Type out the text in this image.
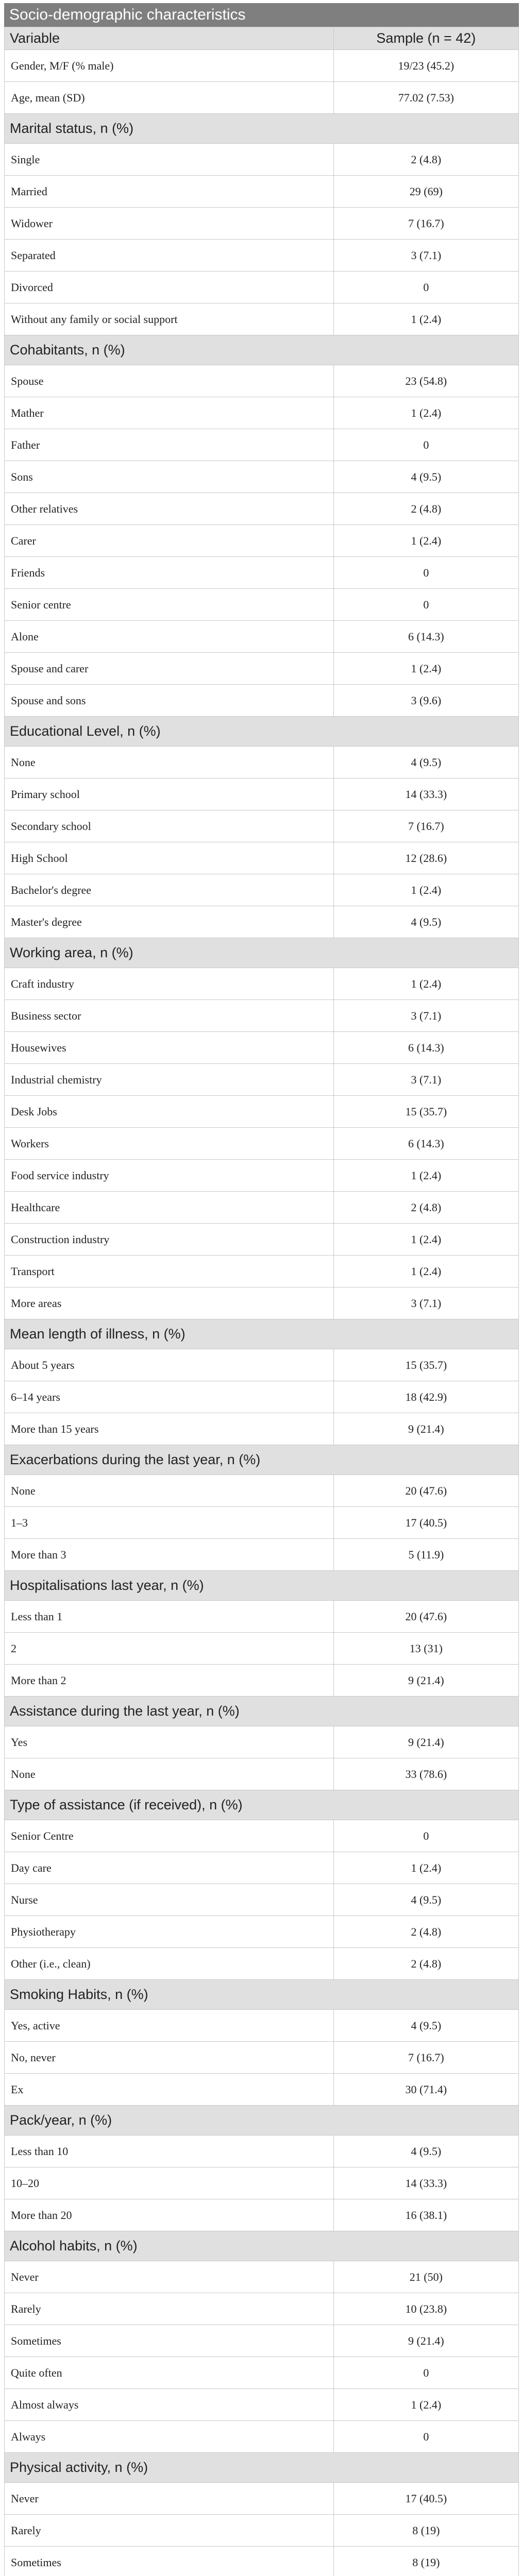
Socio-demographic characteristics
Variable	Sample (n = 42)
Gender, M/F (% male)	19/23 (45.2)
Age, mean (SD)	77.02 (7.53)
Marital status, n (%)	
Single	2 (4.8)
Married	29 (69)
Widower	7 (16.7)
Separated	3 (7.1)
Divorced	0
Without any family or social support	1 (2.4)
Cohabitants, n (%)	
Spouse	23 (54.8)
Mather	1 (2.4)
Father	0
Sons	4 (9.5)
Other relatives	2 (4.8)
Carer	1 (2.4)
Friends	0
Senior centre	0
Alone	6 (14.3)
Spouse and carer	1 (2.4)
Spouse and sons	3 (9.6)
Educational Level, n (%)	
None	4 (9.5)
Primary school	14 (33.3)
Secondary school	7 (16.7)
High School	12 (28.6)
Bachelor's degree	1 (2.4)
Master's degree	4 (9.5)
Working area, n (%)	
Craft industry	1 (2.4)
Business sector	3 (7.1)
Housewives	6 (14.3)
Industrial chemistry	3 (7.1)
Desk Jobs	15 (35.7)
Workers	6 (14.3)
Food service industry	1 (2.4)
Healthcare	2 (4.8)
Construction industry	1 (2.4)
Transport	1 (2.4)
More areas	3 (7.1)
Mean length of illness, n (%)	
About 5 years	15 (35.7)
6–14 years	18 (42.9)
More than 15 years	9 (21.4)
Exacerbations during the last year, n (%)	
None	20 (47.6)
1–3	17 (40.5)
More than 3	5 (11.9)
Hospitalisations last year, n (%)	
Less than 1	20 (47.6)
2	13 (31)
More than 2	9 (21.4)
Assistance during the last year, n (%)	
Yes	9 (21.4)
None	33 (78.6)
Type of assistance (if received), n (%)	
Senior Centre	0
Day care	1 (2.4)
Nurse	4 (9.5)
Physiotherapy	2 (4.8)
Other (i.e., clean)	2 (4.8)
Smoking Habits, n (%)	
Yes, active	4 (9.5)
No, never	7 (16.7)
Ex	30 (71.4)
Pack/year, n (%)	
Less than 10	4 (9.5)
10–20	14 (33.3)
More than 20	16 (38.1)
Alcohol habits, n (%)	
Never	21 (50)
Rarely	10 (23.8)
Sometimes	9 (21.4)
Quite often	0
Almost always	1 (2.4)
Always	0
Physical activity, n (%)	
Never	17 (40.5)
Rarely	8 (19)
Sometimes	8 (19)
